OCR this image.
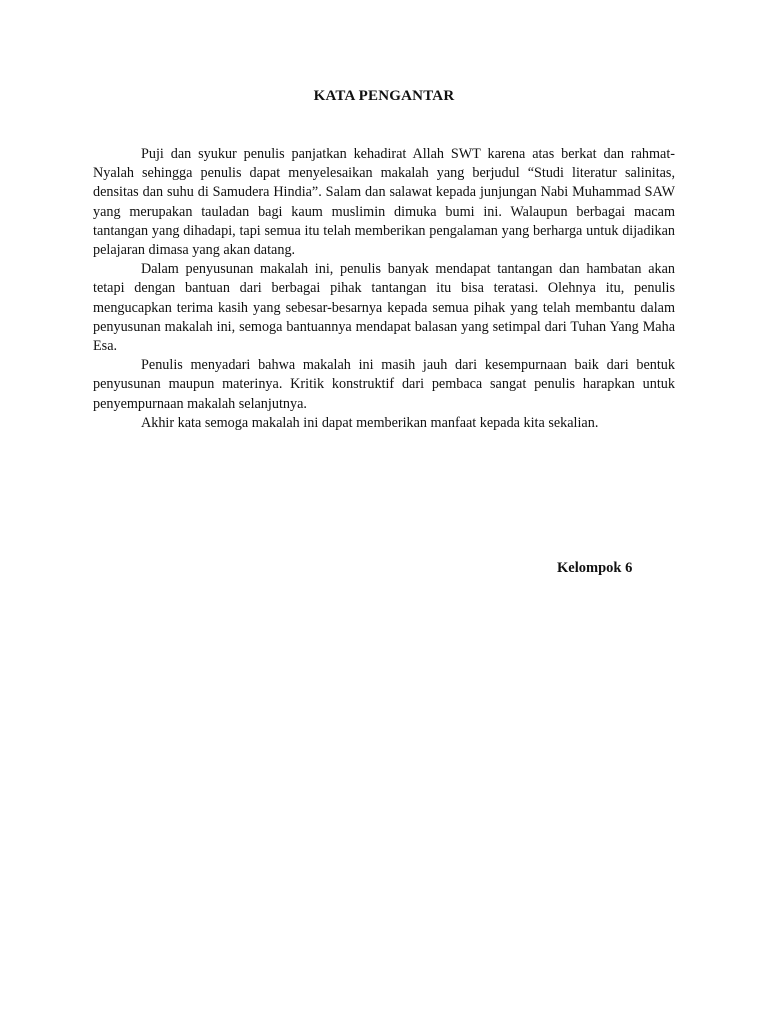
KATA PENGANTAR

Puji dan syukur penulis panjatkan kehadirat Allah SWT karena atas berkat dan rahmat-Nyalah sehingga penulis dapat menyelesaikan makalah yang berjudul “Studi literatur salinitas, densitas dan suhu di Samudera Hindia”. Salam dan salawat kepada junjungan Nabi Muhammad SAW yang merupakan tauladan bagi kaum muslimin dimuka bumi ini. Walaupun berbagai macam tantangan yang dihadapi, tapi semua itu telah memberikan pengalaman yang berharga untuk dijadikan pelajaran dimasa yang akan datang.

Dalam penyusunan makalah ini, penulis banyak mendapat tantangan dan hambatan akan tetapi dengan bantuan dari berbagai pihak tantangan itu bisa teratasi. Olehnya itu, penulis mengucapkan terima kasih yang sebesar-besarnya kepada semua pihak yang telah membantu dalam penyusunan makalah ini, semoga bantuannya mendapat balasan yang setimpal dari Tuhan Yang Maha Esa.

Penulis menyadari bahwa makalah ini masih jauh dari kesempurnaan baik dari bentuk penyusunan maupun materinya. Kritik konstruktif dari pembaca sangat penulis harapkan untuk penyempurnaan makalah selanjutnya.

Akhir kata semoga makalah ini dapat memberikan manfaat kepada kita sekalian.

Kelompok 6
